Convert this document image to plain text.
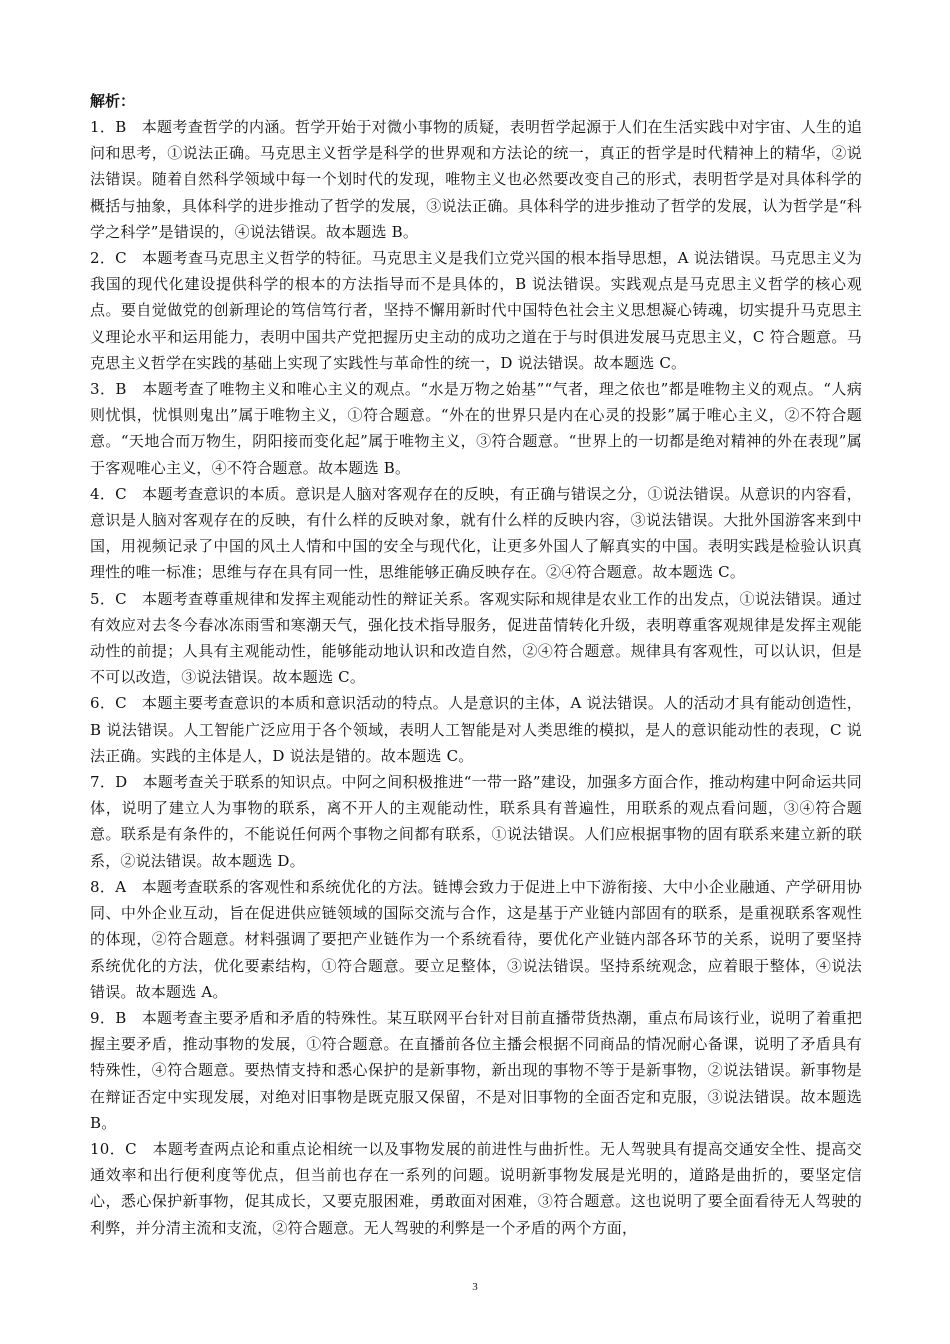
解析：

1．B 本题考查哲学的内涵。哲学开始于对微小事物的质疑，表明哲学起源于人们在生活实践中对宇宙、人生的追问和思考，①说法正确。马克思主义哲学是科学的世界观和方法论的统一，真正的哲学是时代精神上的精华，②说法错误。随着自然科学领域中每一个划时代的发现，唯物主义也必然要改变自己的形式，表明哲学是对具体科学的概括与抽象，具体科学的进步推动了哲学的发展，③说法正确。具体科学的进步推动了哲学的发展，认为哲学是“科学之科学”是错误的，④说法错误。故本题选 B。

2．C 本题考查马克思主义哲学的特征。马克思主义是我们立党兴国的根本指导思想，A 说法错误。马克思主义为我国的现代化建设提供科学的根本的方法指导而不是具体的，B 说法错误。实践观点是马克思主义哲学的核心观点。要自觉做党的创新理论的笃信笃行者，坚持不懈用新时代中国特色社会主义思想凝心铸魂，切实提升马克思主义理论水平和运用能力，表明中国共产党把握历史主动的成功之道在于与时俱进发展马克思主义，C 符合题意。马克思主义哲学在实践的基础上实现了实践性与革命性的统一，D 说法错误。故本题选 C。

3．B 本题考查了唯物主义和唯心主义的观点。“水是万物之始基”“气者，理之依也”都是唯物主义的观点。“人病则忧惧，忧惧则鬼出”属于唯物主义，①符合题意。“外在的世界只是内在心灵的投影”属于唯心主义，②不符合题意。“天地合而万物生，阴阳接而变化起”属于唯物主义，③符合题意。“世界上的一切都是绝对精神的外在表现”属于客观唯心主义，④不符合题意。故本题选 B。

4．C 本题考查意识的本质。意识是人脑对客观存在的反映，有正确与错误之分，①说法错误。从意识的内容看，意识是人脑对客观存在的反映，有什么样的反映对象，就有什么样的反映内容，③说法错误。大批外国游客来到中国，用视频记录了中国的风土人情和中国的安全与现代化，让更多外国人了解真实的中国。表明实践是检验认识真理性的唯一标准；思维与存在具有同一性，思维能够正确反映存在。②④符合题意。故本题选 C。

5．C 本题考查尊重规律和发挥主观能动性的辩证关系。客观实际和规律是农业工作的出发点，①说法错误。通过有效应对去冬今春冰冻雨雪和寒潮天气，强化技术指导服务，促进苗情转化升级，表明尊重客观规律是发挥主观能动性的前提；人具有主观能动性，能够能动地认识和改造自然，②④符合题意。规律具有客观性，可以认识，但是不可以改造，③说法错误。故本题选 C。

6．C 本题主要考查意识的本质和意识活动的特点。人是意识的主体，A 说法错误。人的活动才具有能动创造性，B 说法错误。人工智能广泛应用于各个领域，表明人工智能是对人类思维的模拟，是人的意识能动性的表现，C 说法正确。实践的主体是人，D 说法是错的。故本题选 C。

7．D 本题考查关于联系的知识点。中阿之间积极推进“一带一路”建设，加强多方面合作，推动构建中阿命运共同体，说明了建立人为事物的联系，离不开人的主观能动性，联系具有普遍性，用联系的观点看问题，③④符合题意。联系是有条件的，不能说任何两个事物之间都有联系，①说法错误。人们应根据事物的固有联系来建立新的联系，②说法错误。故本题选 D。

8．A 本题考查联系的客观性和系统优化的方法。链博会致力于促进上中下游衔接、大中小企业融通、产学研用协同、中外企业互动，旨在促进供应链领域的国际交流与合作，这是基于产业链内部固有的联系，是重视联系客观性的体现，②符合题意。材料强调了要把产业链作为一个系统看待，要优化产业链内部各环节的关系，说明了要坚持系统优化的方法，优化要素结构，①符合题意。要立足整体，③说法错误。坚持系统观念，应着眼于整体，④说法错误。故本题选 A。

9．B 本题考查主要矛盾和矛盾的特殊性。某互联网平台针对目前直播带货热潮，重点布局该行业，说明了着重把握主要矛盾，推动事物的发展，①符合题意。在直播前各位主播会根据不同商品的情况耐心备课，说明了矛盾具有特殊性，④符合题意。要热情支持和悉心保护的是新事物，新出现的事物不等于是新事物，②说法错误。新事物是在辩证否定中实现发展，对绝对旧事物是既克服又保留，不是对旧事物的全面否定和克服，③说法错误。故本题选 B。

10．C 本题考查两点论和重点论相统一以及事物发展的前进性与曲折性。无人驾驶具有提高交通安全性、提高交通效率和出行便利度等优点，但当前也存在一系列的问题。说明新事物发展是光明的，道路是曲折的，要坚定信心，悉心保护新事物，促其成长，又要克服困难，勇敢面对困难，③符合题意。这也说明了要全面看待无人驾驶的利弊，并分清主流和支流，②符合题意。无人驾驶的利弊是一个矛盾的两个方面，

3
